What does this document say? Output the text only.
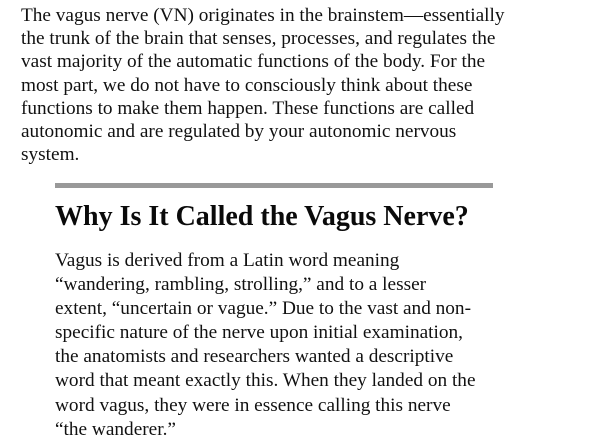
The vagus nerve (VN) originates in the brainstem—essentially
the trunk of the brain that senses, processes, and regulates the
vast majority of the automatic functions of the body. For the
most part, we do not have to consciously think about these
functions to make them happen. These functions are called
autonomic and are regulated by your autonomic nervous
system.

Why Is It Called the Vagus Nerve?

Vagus is derived from a Latin word meaning
“wandering, rambling, strolling,” and to a lesser
extent, “uncertain or vague.” Due to the vast and non-
specific nature of the nerve upon initial examination,
the anatomists and researchers wanted a descriptive
word that meant exactly this. When they landed on the
word vagus, they were in essence calling this nerve
“the wanderer.”
